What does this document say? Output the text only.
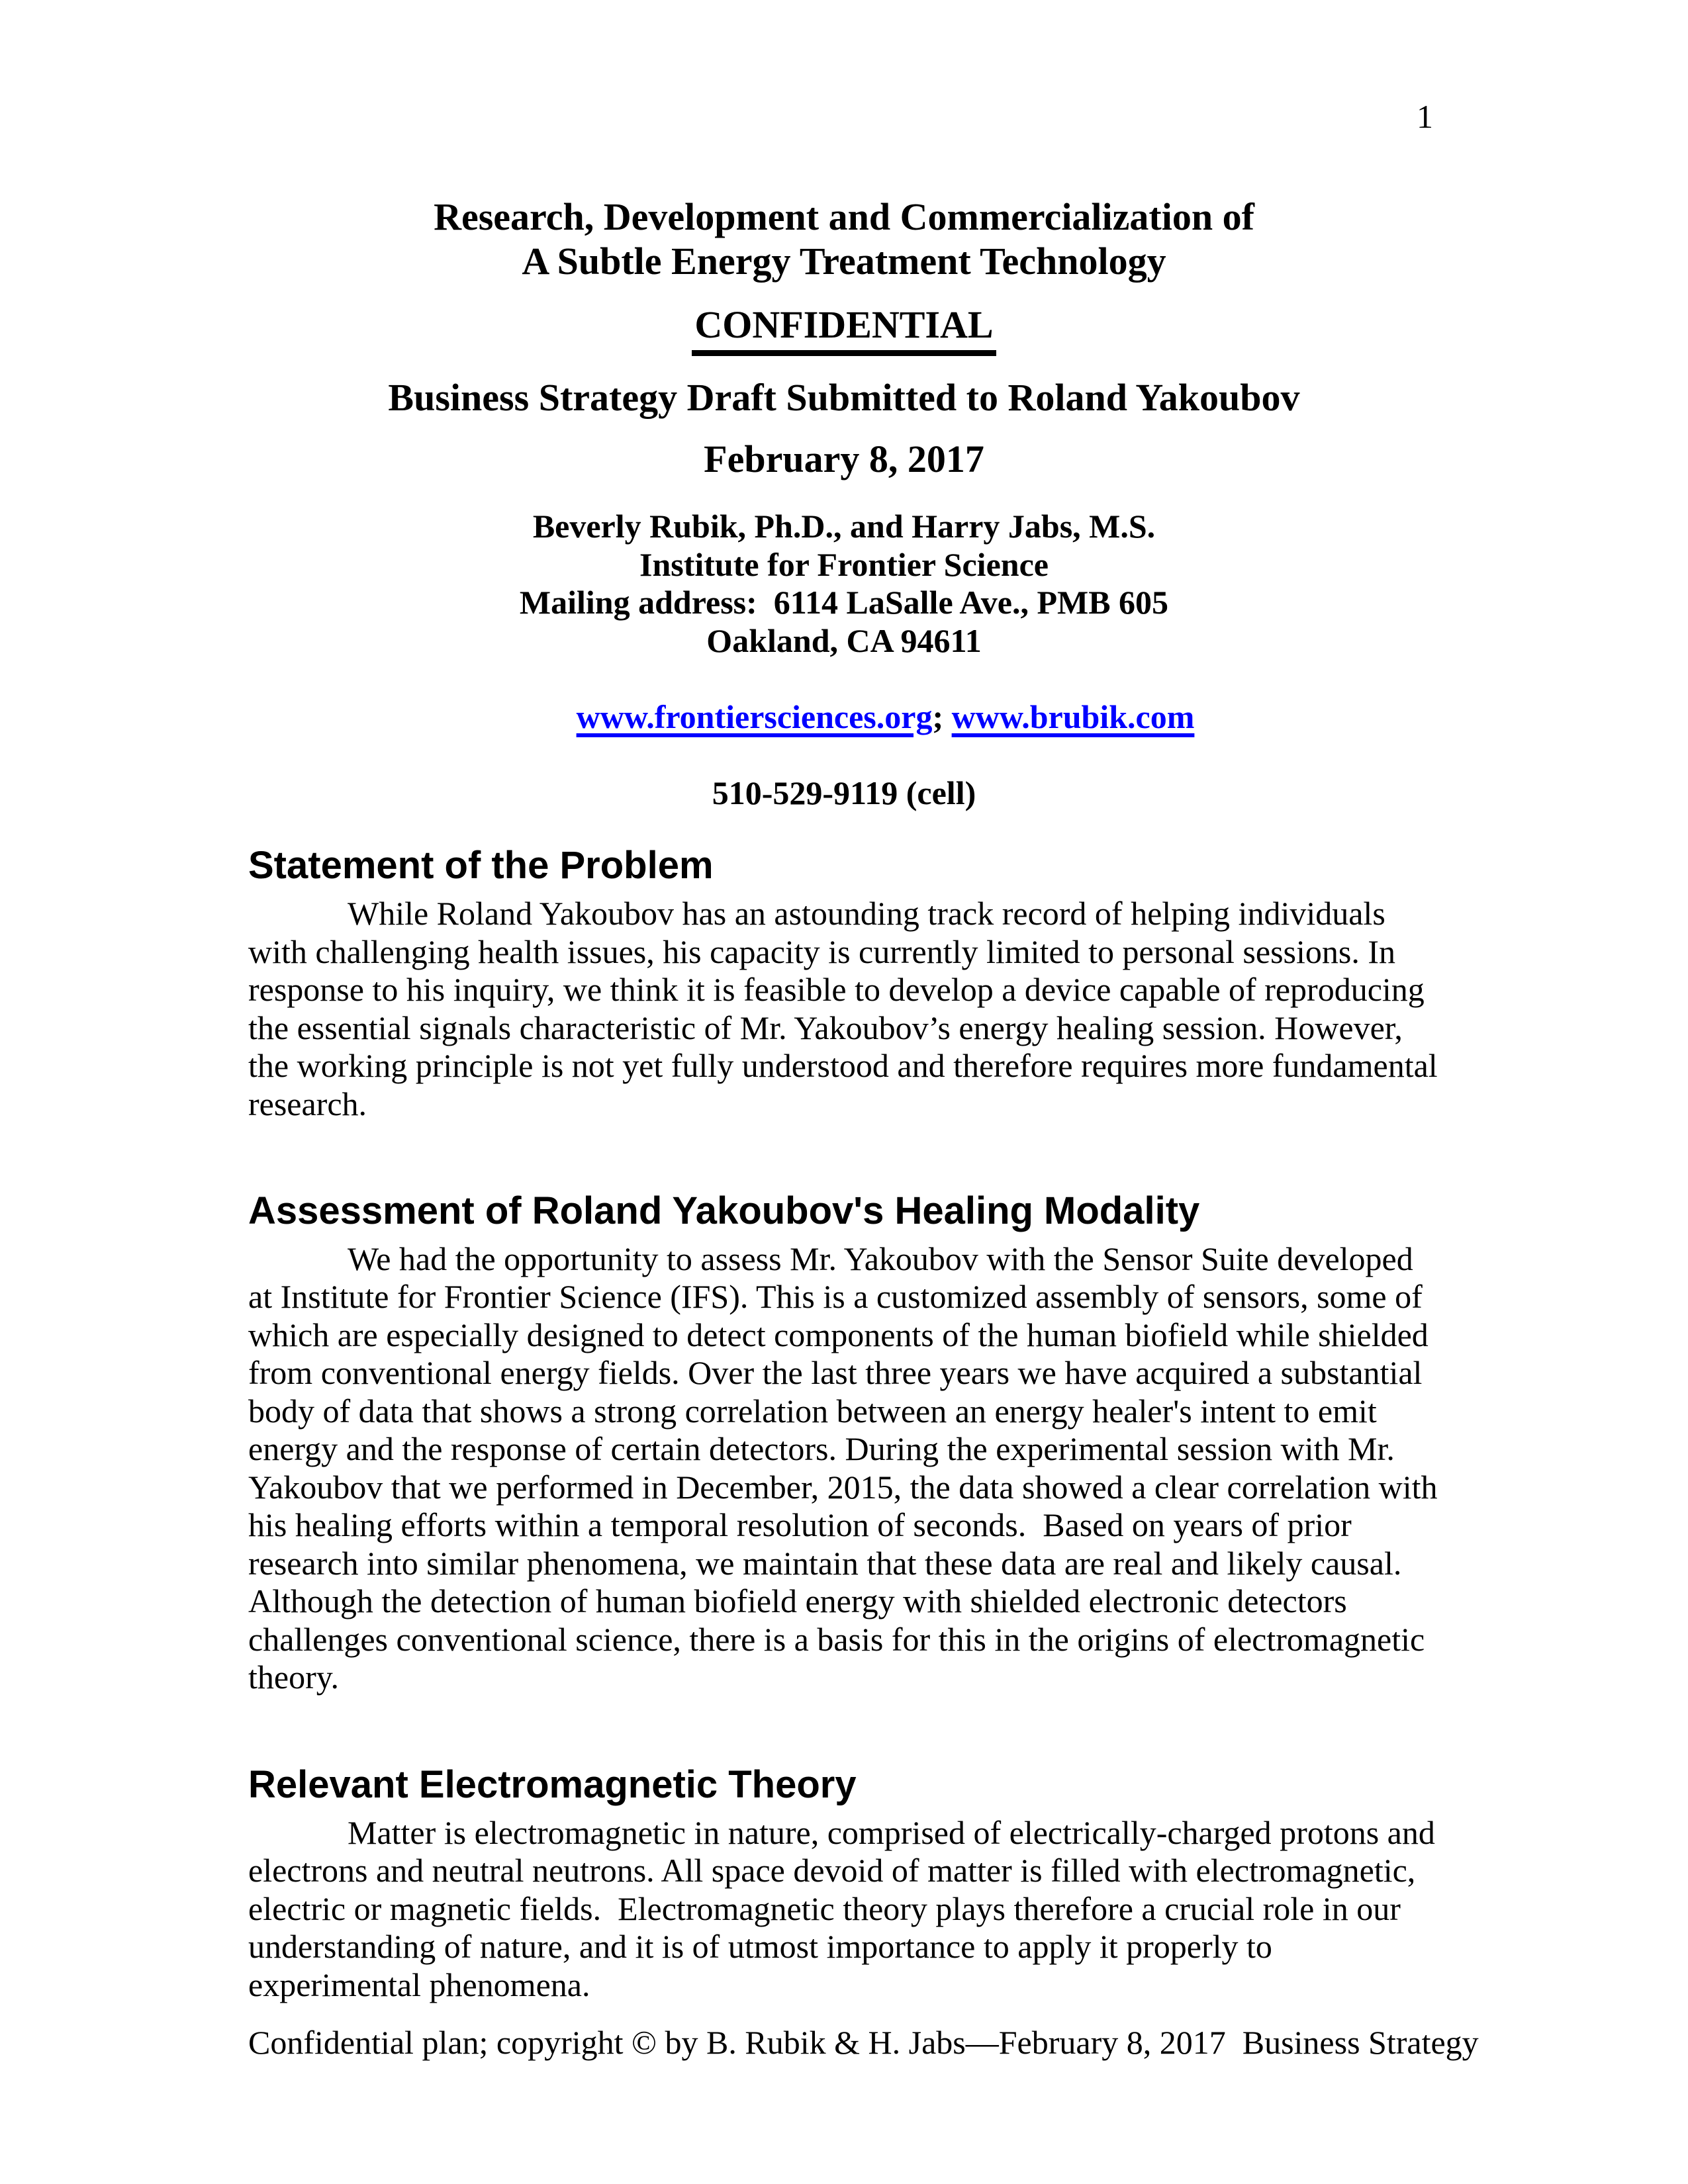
1
Research, Development and Commercialization of
A Subtle Energy Treatment Technology
CONFIDENTIAL
Business Strategy Draft Submitted to Roland Yakoubov
February 8, 2017
Beverly Rubik, Ph.D., and Harry Jabs, M.S.
Institute for Frontier Science
Mailing address:  6114 LaSalle Ave., PMB 605
Oakland, CA 94611

www.frontiersciences.org; www.brubik.com

510-529-9119 (cell)
Statement of the Problem

While Roland Yakoubov has an astounding track record of helping individuals with challenging health issues, his capacity is currently limited to personal sessions. In response to his inquiry, we think it is feasible to develop a device capable of reproducing the essential signals characteristic of Mr. Yakoubov’s energy healing session. However, the working principle is not yet fully understood and therefore requires more fundamental research.

Assessment of Roland Yakoubov's Healing Modality

We had the opportunity to assess Mr. Yakoubov with the Sensor Suite developed at Institute for Frontier Science (IFS). This is a customized assembly of sensors, some of which are especially designed to detect components of the human biofield while shielded from conventional energy fields. Over the last three years we have acquired a substantial body of data that shows a strong correlation between an energy healer's intent to emit energy and the response of certain detectors. During the experimental session with Mr. Yakoubov that we performed in December, 2015, the data showed a clear correlation with his healing efforts within a temporal resolution of seconds.  Based on years of prior research into similar phenomena, we maintain that these data are real and likely causal. Although the detection of human biofield energy with shielded electronic detectors challenges conventional science, there is a basis for this in the origins of electromagnetic theory.

Relevant Electromagnetic Theory

Matter is electromagnetic in nature, comprised of electrically-charged protons and electrons and neutral neutrons. All space devoid of matter is filled with electromagnetic, electric or magnetic fields.  Electromagnetic theory plays therefore a crucial role in our understanding of nature, and it is of utmost importance to apply it properly to experimental phenomena.

Confidential plan; copyright © by B. Rubik & H. Jabs—February 8, 2017  Business Strategy
